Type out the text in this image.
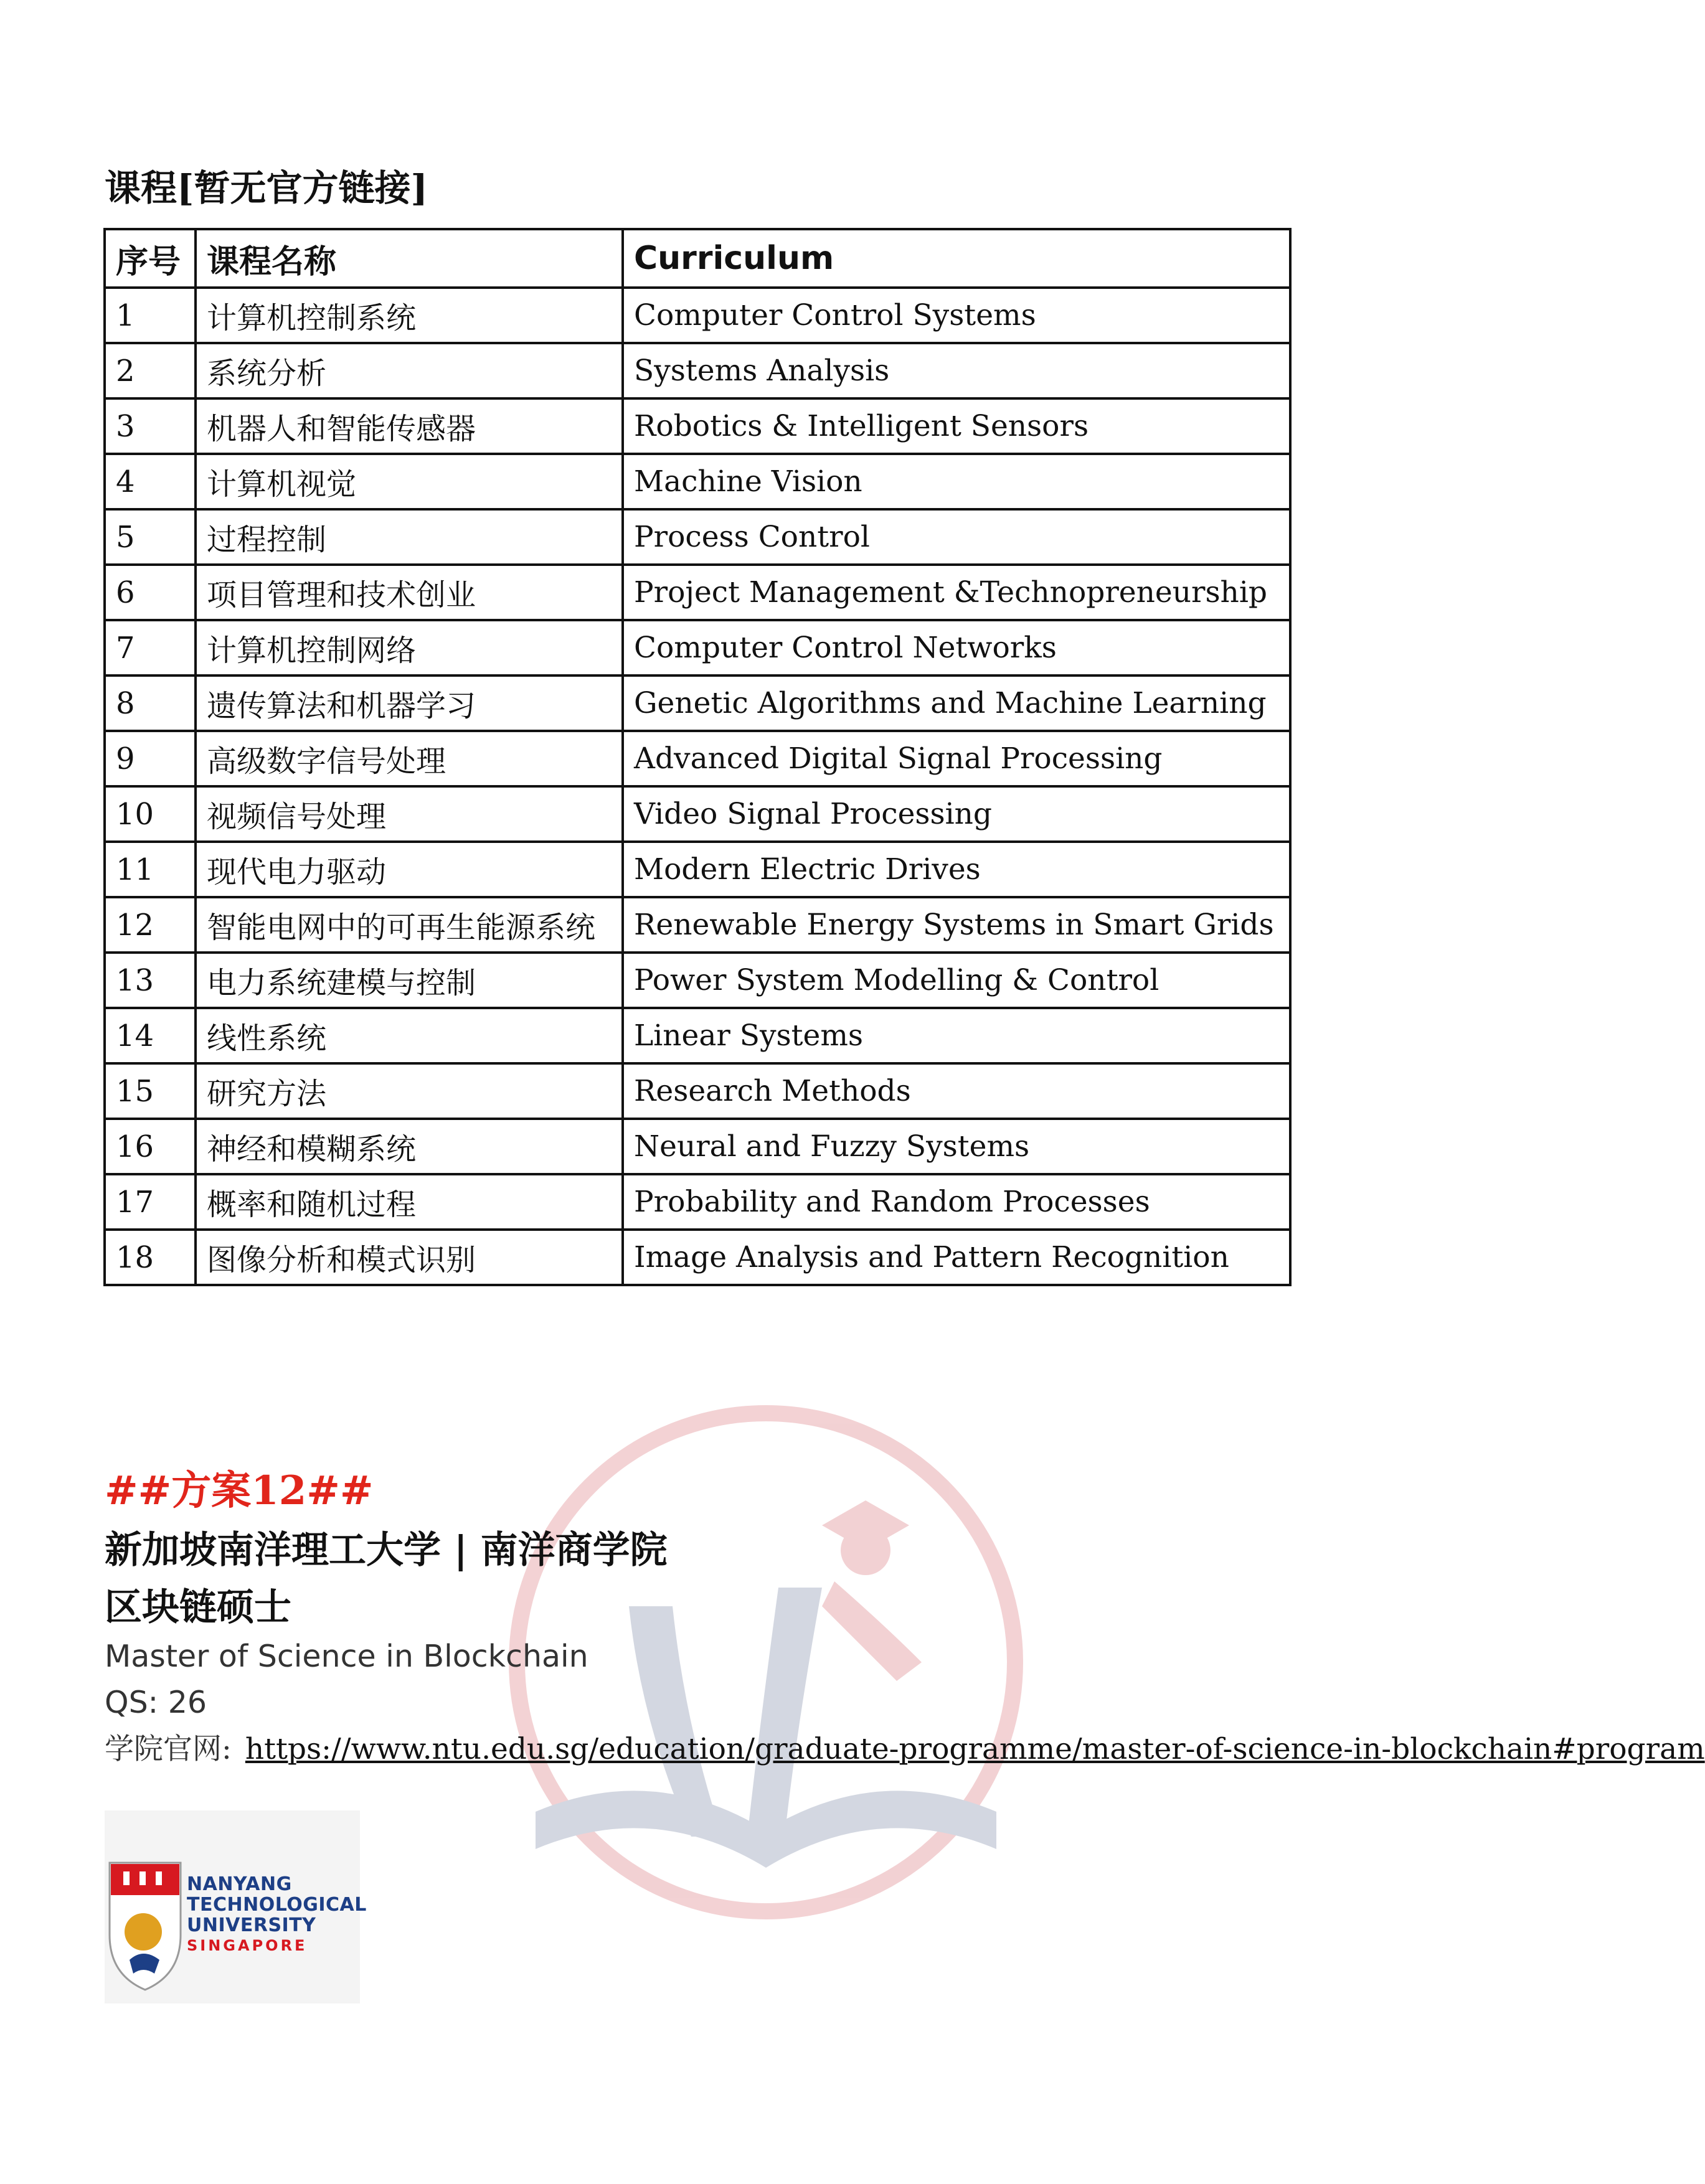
课程[暂无官方链接]
序号	课程名称	Curriculum
1	计算机控制系统	Computer Control Systems
2	系统分析	Systems Analysis
3	机器人和智能传感器	Robotics & Intelligent Sensors
4	计算机视觉	Machine Vision
5	过程控制	Process Control
6	项目管理和技术创业	Project Management &Technopreneurship
7	计算机控制网络	Computer Control Networks
8	遗传算法和机器学习	Genetic Algorithms and Machine Learning
9	高级数字信号处理	Advanced Digital Signal Processing
10	视频信号处理	Video Signal Processing
11	现代电力驱动	Modern Electric Drives
12	智能电网中的可再生能源系统	Renewable Energy Systems in Smart Grids
13	电力系统建模与控制	Power System Modelling & Control
14	线性系统	Linear Systems
15	研究方法	Research Methods
16	神经和模糊系统	Neural and Fuzzy Systems
17	概率和随机过程	Probability and Random Processes
18	图像分析和模式识别	Image Analysis and Pattern Recognition
##方案12##
新加坡南洋理工大学 | 南洋商学院
区块链硕士
Master of Science in Blockchain
QS: 26
学院官网: https://www.ntu.edu.sg/education/graduate-programme/master-of-science-in-blockchain#program
NANYANG
TECHNOLOGICAL
UNIVERSITY
SINGAPORE
